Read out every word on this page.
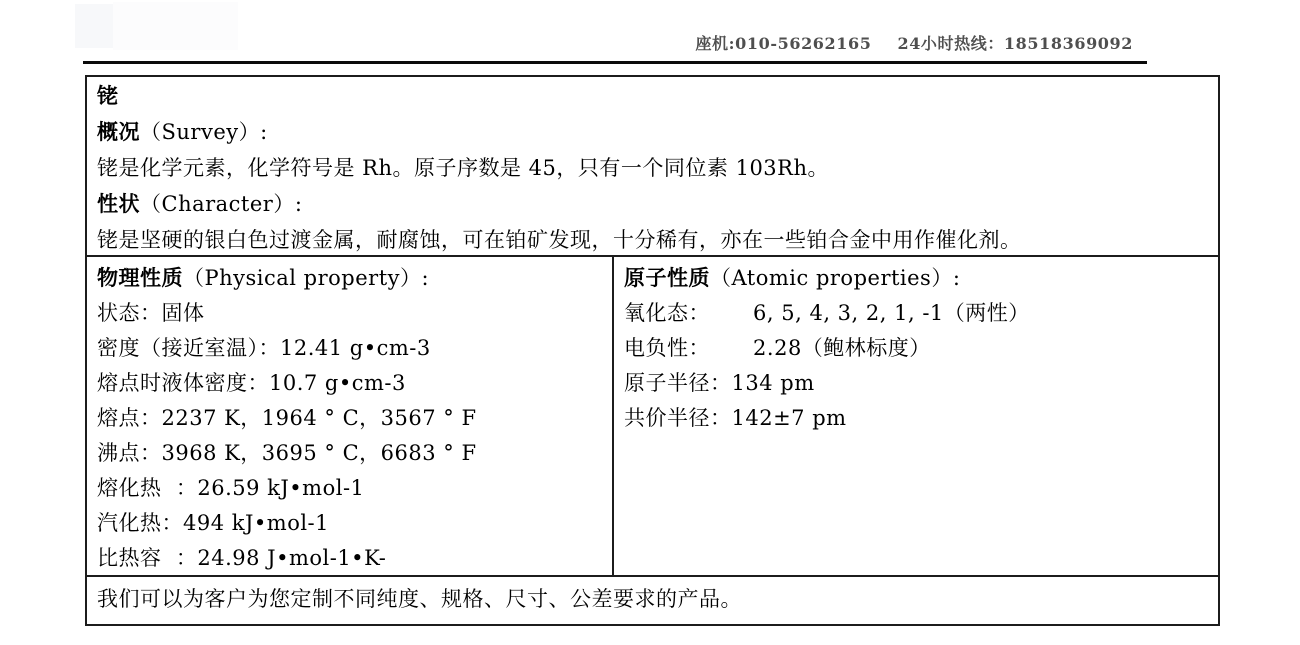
座机:010-56262165 24小时热线：18518369092

铑
概况（Survey）:
铑是化学元素，化学符号是 Rh。原子序数是 45，只有一个同位素 103Rh。
性状（Character）:
铑是坚硬的银白色过渡金属，耐腐蚀，可在铂矿发现，十分稀有，亦在一些铂合金中用作催化剂。
物理性质（Physical property）:
状态：固体
密度（接近室温）：12.41 g•cm-3
熔点时液体密度：10.7 g•cm-3
熔点：2237 K，1964 ° C，3567 ° F
沸点：3968 K，3695 ° C，6683 ° F
熔化热  ：26.59 kJ•mol-1
汽化热：494 kJ•mol-1
比热容  ：24.98 J•mol-1•K-
原子性质（Atomic properties）:
氧化态：      6, 5, 4, 3, 2, 1, -1（两性）
电负性：      2.28（鲍林标度）
原子半径：134 pm
共价半径：142±7 pm
我们可以为客户为您定制不同纯度、规格、尺寸、公差要求的产品。
